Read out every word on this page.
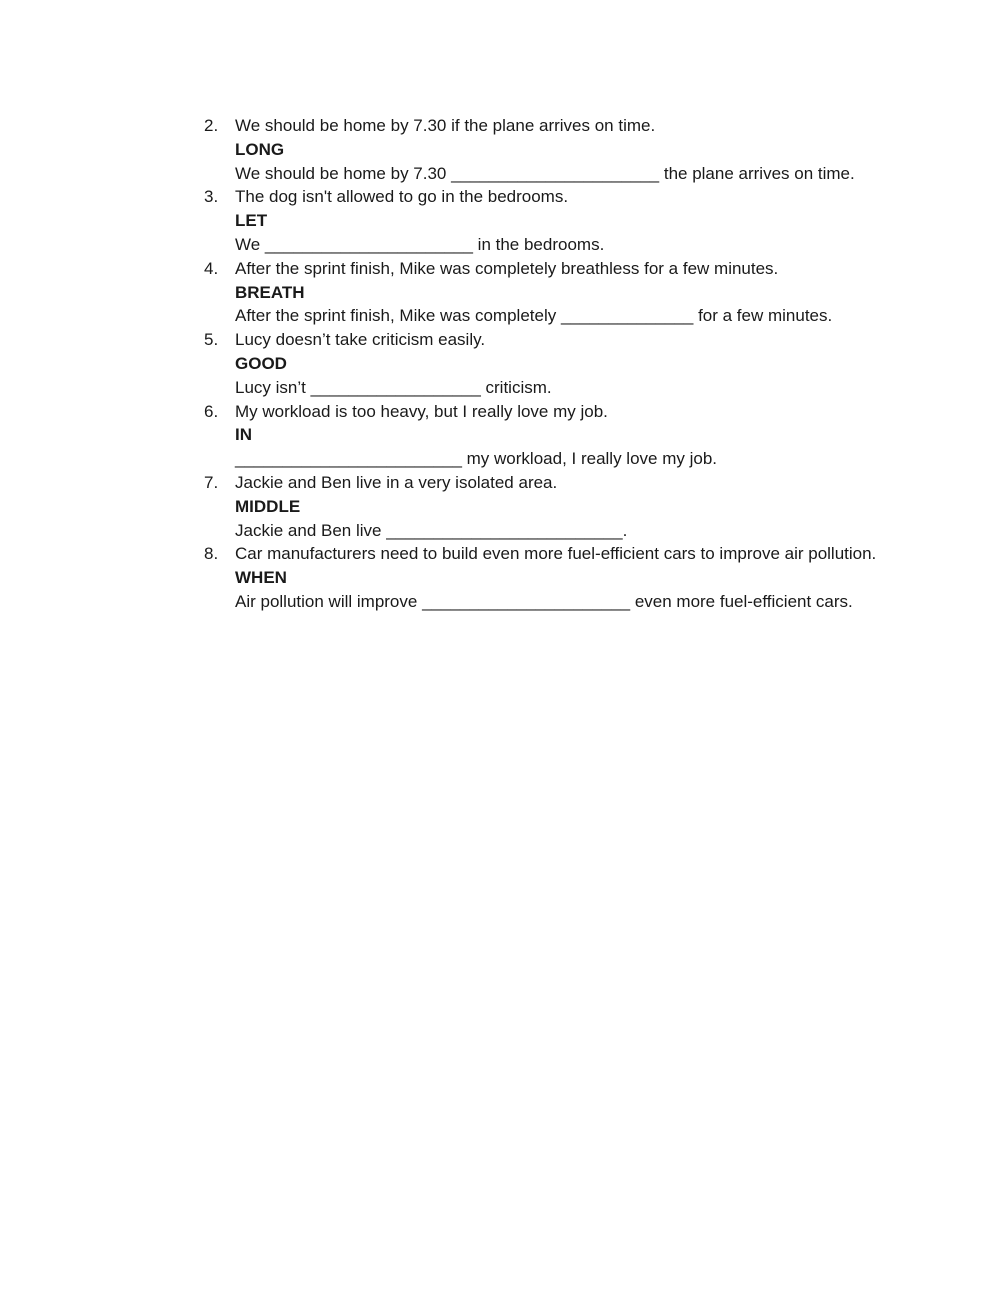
2. We should be home by 7.30 if the plane arrives on time.
LONG
We should be home by 7.30 ______________________ the plane arrives on time.
3. The dog isn't allowed to go in the bedrooms.
LET
We ______________________ in the bedrooms.
4. After the sprint finish, Mike was completely breathless for a few minutes.
BREATH
After the sprint finish, Mike was completely ______________ for a few minutes.
5. Lucy doesn’t take criticism easily.
GOOD
Lucy isn’t __________________ criticism.
6. My workload is too heavy, but I really love my job.
IN
________________________ my workload, I really love my job.
7. Jackie and Ben live in a very isolated area.
MIDDLE
Jackie and Ben live _________________________.
8. Car manufacturers need to build even more fuel-efficient cars to improve air pollution.
WHEN
Air pollution will improve ______________________ even more fuel-efficient cars.
